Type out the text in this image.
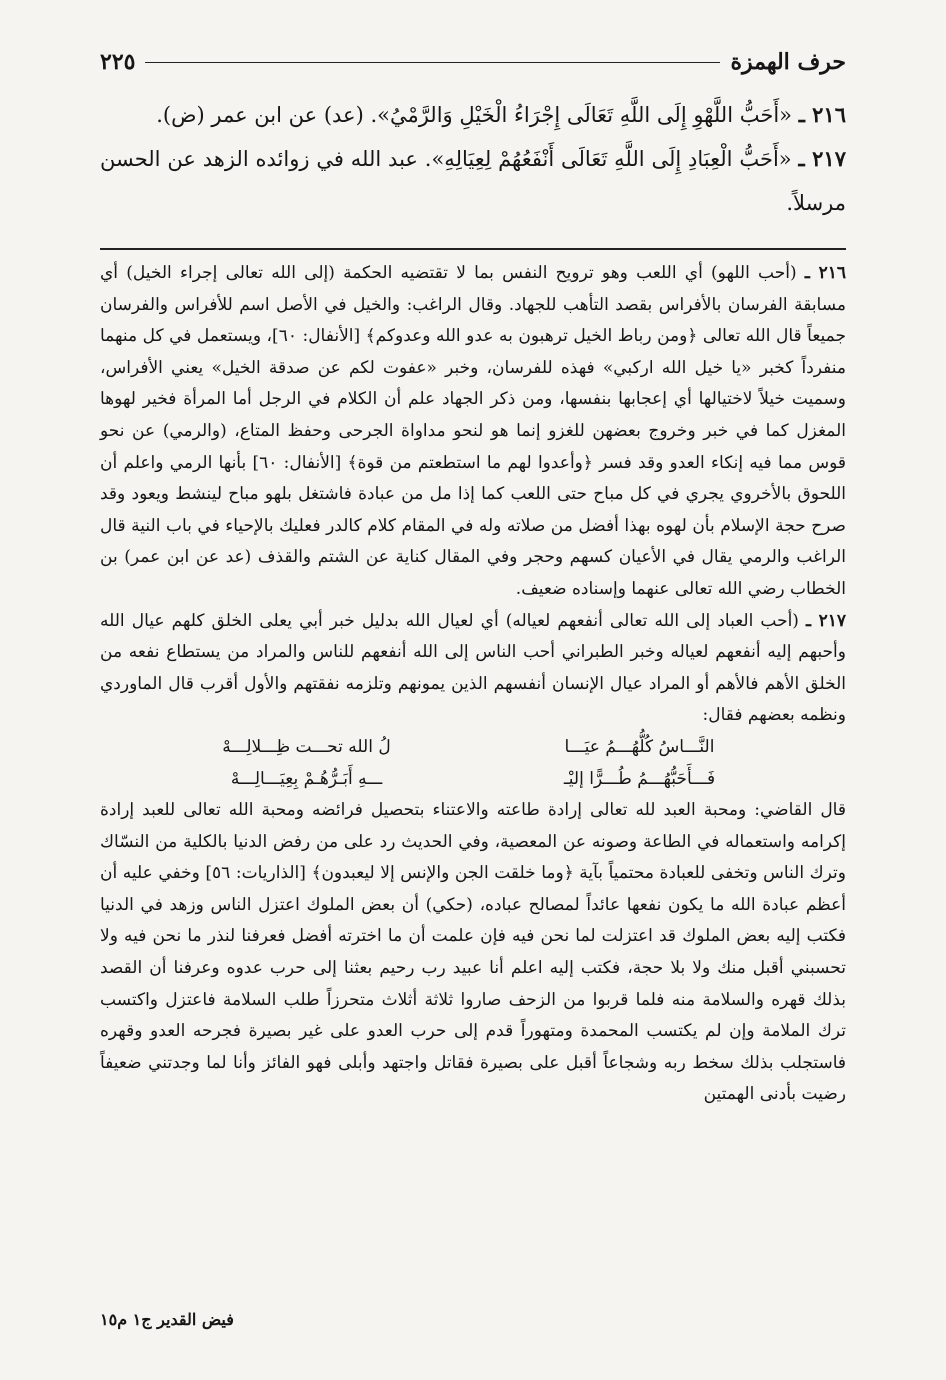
حرف الهمزة
٢٢٥

٢١٦ ـ «أَحَبُّ اللَّهْوِ إِلَى اللَّهِ تَعَالَى إِجْرَاءُ الْخَيْلِ وَالرَّمْيُ». (عد) عن ابن عمر (ض).

٢١٧ ـ «أَحَبُّ الْعِبَادِ إِلَى اللَّهِ تَعَالَى أَنْفَعُهُمْ لِعِيَالِهِ». عبد الله في زوائده الزهد عن الحسن مرسلاً.

٢١٦ ـ (أحب اللهو) أي اللعب وهو ترويح النفس بما لا تقتضيه الحكمة (إلى الله تعالى إجراء الخيل) أي مسابقة الفرسان بالأفراس بقصد التأهب للجهاد. وقال الراغب: والخيل في الأصل اسم للأفراس والفرسان جميعاً قال الله تعالى ﴿ومن رباط الخيل ترهبون به عدو الله وعدوكم﴾ [الأنفال: ٦٠]، ويستعمل في كل منهما منفرداً كخبر «يا خيل الله اركبي» فهذه للفرسان، وخبر «عفوت لكم عن صدقة الخيل» يعني الأفراس، وسميت خيلاً لاختيالها أي إعجابها بنفسها، ومن ذكر الجهاد علم أن الكلام في الرجل أما المرأة فخير لهوها المغزل كما في خبر وخروج بعضهن للغزو إنما هو لنحو مداواة الجرحى وحفظ المتاع، (والرمي) عن نحو قوس مما فيه إنكاء العدو وقد فسر ﴿وأعدوا لهم ما استطعتم من قوة﴾ [الأنفال: ٦٠] بأنها الرمي واعلم أن اللحوق بالأخروي يجري في كل مباح حتى اللعب كما إذا مل من عبادة فاشتغل بلهو مباح لينشط ويعود وقد صرح حجة الإسلام بأن لهوه بهذا أفضل من صلاته وله في المقام كلام كالدر فعليك بالإحياء في باب النية قال الراغب والرمي يقال في الأعيان كسهم وحجر وفي المقال كناية عن الشتم والقذف (عد عن ابن عمر) بن الخطاب رضي الله تعالى عنهما وإسناده ضعيف.

٢١٧ ـ (أحب العباد إلى الله تعالى أنفعهم لعياله) أي لعيال الله بدليل خبر أبي يعلى الخلق كلهم عيال الله وأحبهم إليه أنفعهم لعياله وخبر الطبراني أحب الناس إلى الله أنفعهم للناس والمراد من يستطاع نفعه من الخلق الأهم فالأهم أو المراد عيال الإنسان أنفسهم الذين يمونهم وتلزمه نفقتهم والأول أقرب قال الماوردي ونظمه بعضهم فقال:

النَّـــاسُ كُلُّهُـــمُ عيَـــا
لُ الله تحـــت ظِـــلالِـــهْ
فَـــأَحَبُّهُـــمُ طُـــرًّا إليْـ
ـــهِ أَبَـرُّهُـمْ بِعِيَـــالِـــهْ

قال القاضي: ومحبة العبد لله تعالى إرادة طاعته والاعتناء بتحصيل فرائضه ومحبة الله تعالى للعبد إرادة إكرامه واستعماله في الطاعة وصونه عن المعصية، وفي الحديث رد على من رفض الدنيا بالكلية من النسّاك وترك الناس وتخفى للعبادة محتمياً بآية ﴿وما خلقت الجن والإنس إلا ليعبدون﴾ [الذاريات: ٥٦] وخفي عليه أن أعظم عبادة الله ما يكون نفعها عائداً لمصالح عباده، (حكي) أن بعض الملوك اعتزل الناس وزهد في الدنيا فكتب إليه بعض الملوك قد اعتزلت لما نحن فيه فإن علمت أن ما اخترته أفضل فعرفنا لنذر ما نحن فيه ولا تحسبني أقبل منك ولا بلا حجة، فكتب إليه اعلم أنا عبيد رب رحيم بعثنا إلى حرب عدوه وعرفنا أن القصد بذلك قهره والسلامة منه فلما قربوا من الزحف صاروا ثلاثة أثلاث متحرزاً طلب السلامة فاعتزل واكتسب ترك الملامة وإن لم يكتسب المحمدة ومتهوراً قدم إلى حرب العدو على غير بصيرة فجرحه العدو وقهره فاستجلب بذلك سخط ربه وشجاعاً أقبل على بصيرة فقاتل واجتهد وأبلى فهو الفائز وأنا لما وجدتني ضعيفاً رضيت بأدنى الهمتين

فيض القدير ج١ م١٥
